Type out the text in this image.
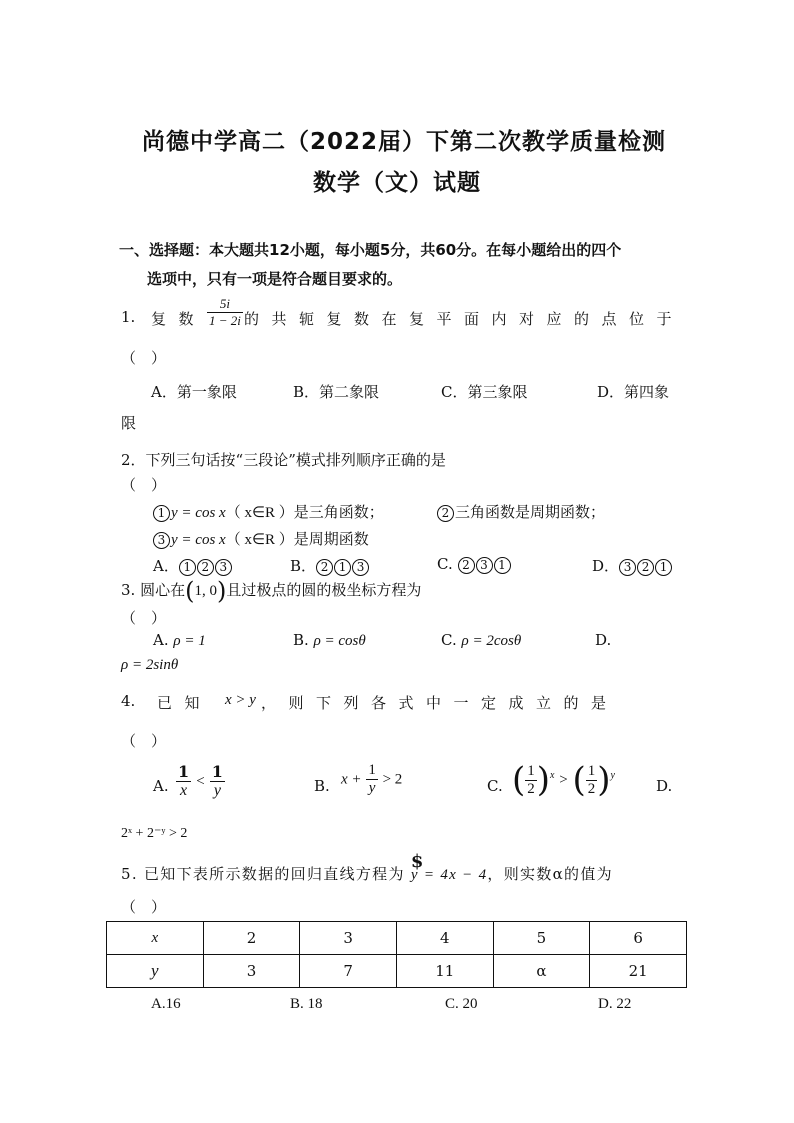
尚德中学高二（2022届）下第二次教学质量检测
数学（文）试题
一、选择题：本大题共12小题，每小题5分，共60分。在每小题给出的四个
选项中，只有一项是符合题目要求的。
1. 复数 $\frac{5i}{1 - 2i}$ 的共轭复数在复平面内对应的点位于
（　）
A．第一象限	B．第二象限	C．第三象限	D．第四象
限
2．下列三句话按“三段论”模式排列顺序正确的是
（　）
1 y = cos x（ x∈R ）是三角函数；	2 三角函数是周期函数；
3 y = cos x（ x∈R ）是周期函数
A． 1 2 3	B． 2 1 3	C. 2 3 1	D． 3 2 1
3. 圆心在(1, 0)且过极点的圆的极坐标方程为
（　）
A. ρ = 1	B. ρ = cosθ	C. ρ = 2cosθ	D.
ρ = 2sinθ
4. 已知 x > y ，则下列各式中一定成立的是
（　）
A. $\frac{1}{x} < \frac{1}{y}$	B. $x + \frac{1}{y} > 2$	C. ( $\frac{1}{2} )^x$ > ( $\frac{1}{2} )^y$
D.
2ˣ + 2⁻ʸ > 2
5. 已知下表所示数据的回归直线方程为
$
y = 4x − 4，则实数α的值为
（　）
x	2	3	4	5	6
y	3	7	11	α	21
A.16	B. 18	C. 20	D. 22
